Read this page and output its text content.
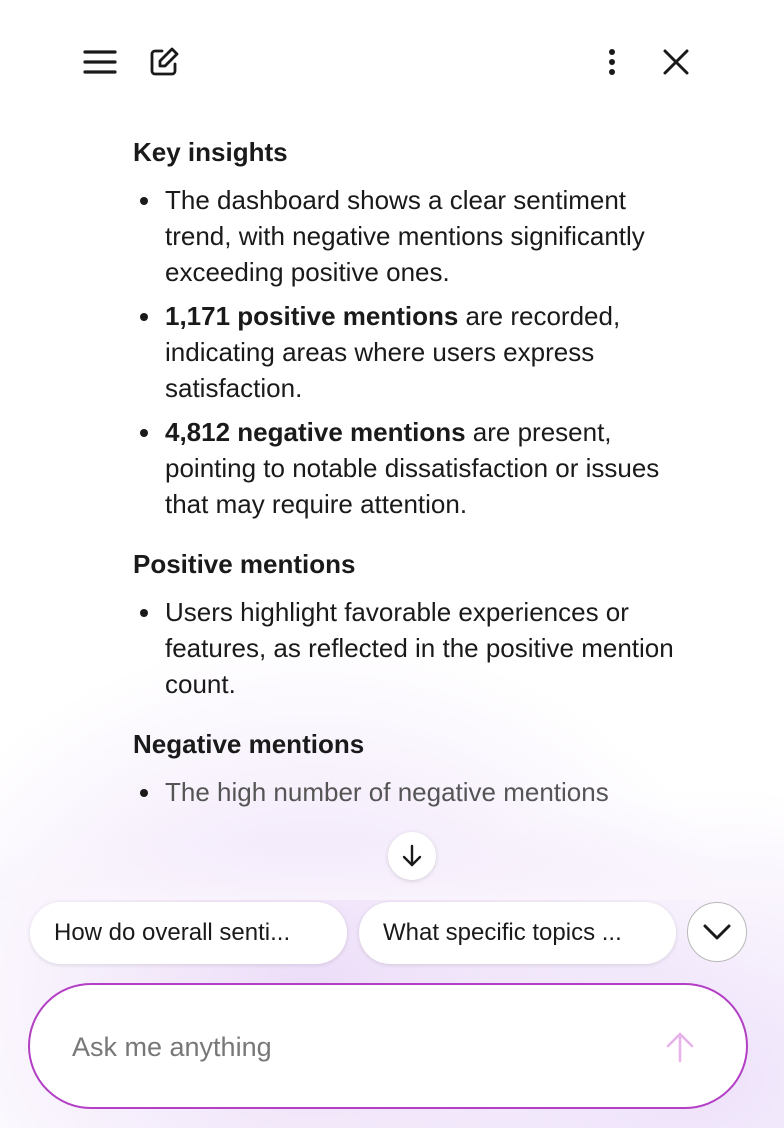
Key insights
The dashboard shows a clear sentiment trend, with negative mentions significantly exceeding positive ones.
1,171 positive mentions are recorded, indicating areas where users express satisfaction.
4,812 negative mentions are present, pointing to notable dissatisfaction or issues that may require attention.
Positive mentions
Users highlight favorable experiences or features, as reflected in the positive mention count.
Negative mentions
The high number of negative mentions
How do overall senti...	What specific topics ...
Ask me anything
